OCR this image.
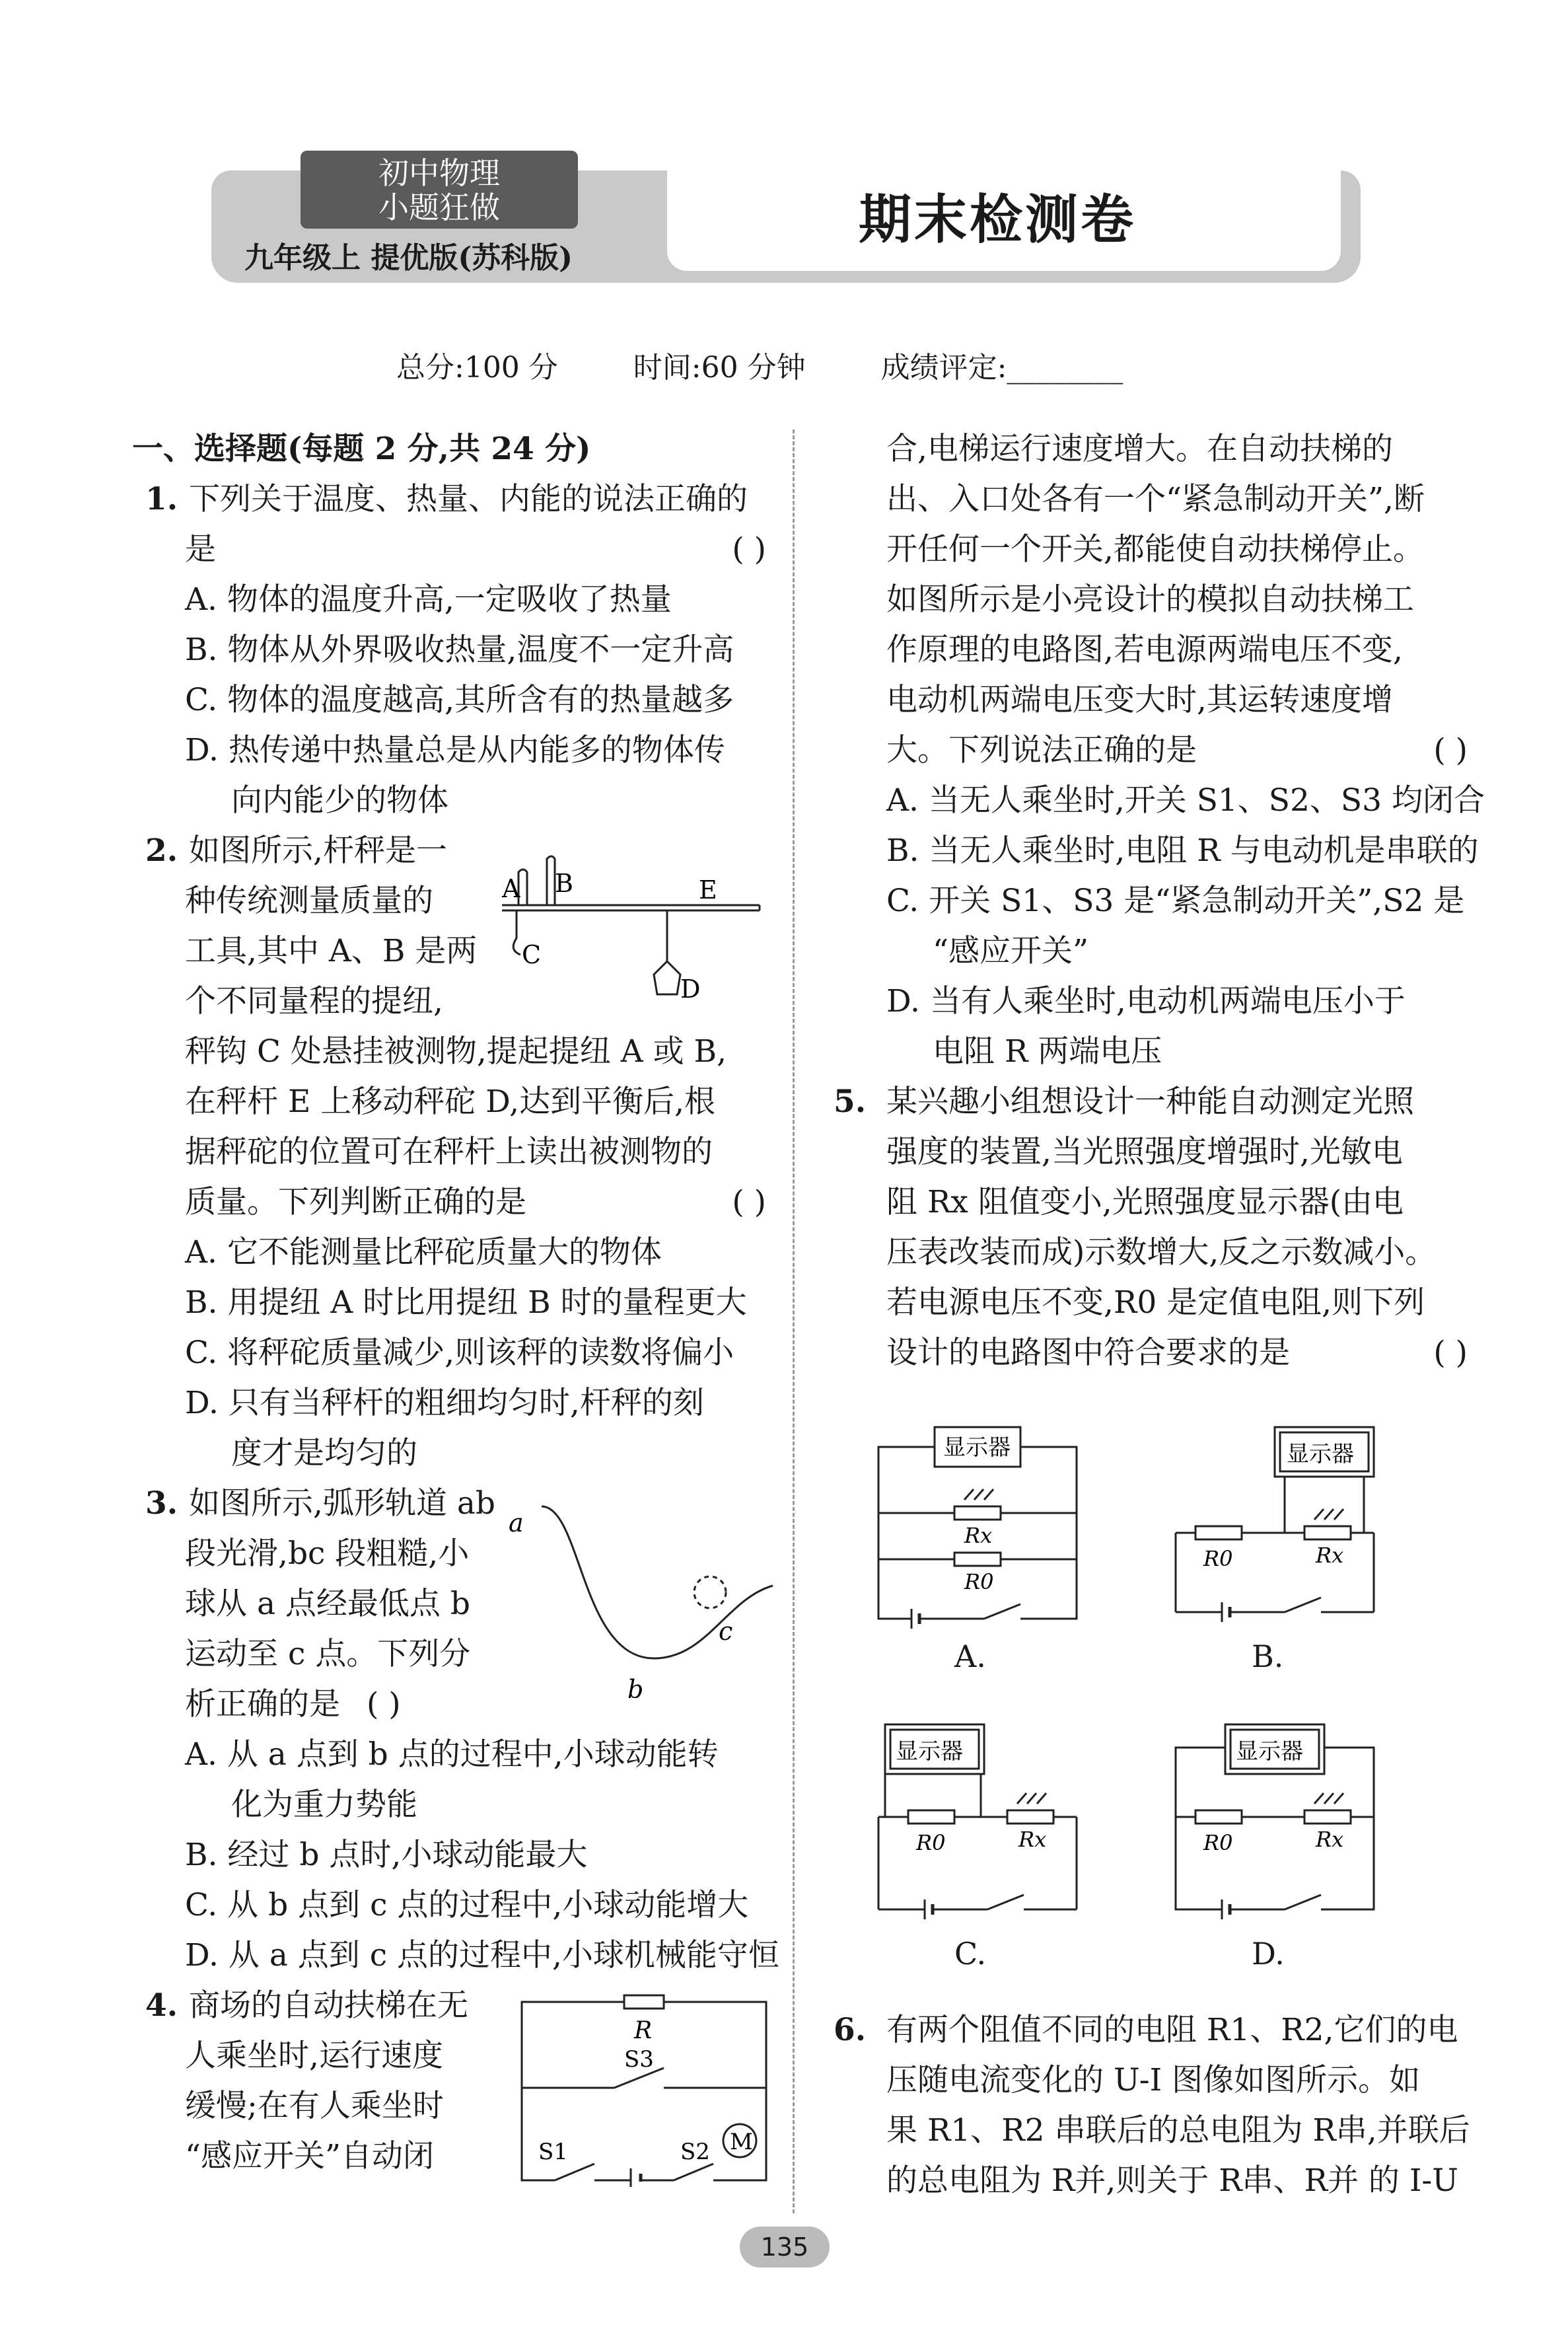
初中物理
小题狂做
九年级上 提优版(苏科版)
期末检测卷
总分:100 分	时间:60 分钟	成绩评定:________

一、选择题(每题 2 分,共 24 分)

1. 下列关于温度、热量、内能的说法正确的

是	( )

A. 物体的温度升高,一定吸收了热量

B. 物体从外界吸收热量,温度不一定升高

C. 物体的温度越高,其所含有的热量越多

D. 热传递中热量总是从内能多的物体传

向内能少的物体

2. 如图所示,杆秤是一

种传统测量质量的

工具,其中 A、B 是两

个不同量程的提纽,

秤钩 C 处悬挂被测物,提起提纽 A 或 B,

在秤杆 E 上移动秤砣 D,达到平衡后,根

据秤砣的位置可在秤杆上读出被测物的

质量。下列判断正确的是	( )

A. 它不能测量比秤砣质量大的物体

B. 用提纽 A 时比用提纽 B 时的量程更大

C. 将秤砣质量减少,则该秤的读数将偏小

D. 只有当秤杆的粗细均匀时,杆秤的刻

度才是均匀的

3. 如图所示,弧形轨道 ab

段光滑,bc 段粗糙,小

球从 a 点经最低点 b

运动至 c 点。下列分

析正确的是 ( )

A. 从 a 点到 b 点的过程中,小球动能转

化为重力势能

B. 经过 b 点时,小球动能最大

C. 从 b 点到 c 点的过程中,小球动能增大

D. 从 a 点到 c 点的过程中,小球机械能守恒

4. 商场的自动扶梯在无

人乘坐时,运行速度

缓慢;在有人乘坐时

“感应开关”自动闭

A B
C
D
E
a
b
c
R
S3
M
S1	S2

合,电梯运行速度增大。在自动扶梯的

出、入口处各有一个“紧急制动开关”,断

开任何一个开关,都能使自动扶梯停止。

如图所示是小亮设计的模拟自动扶梯工

作原理的电路图,若电源两端电压不变,

电动机两端电压变大时,其运转速度增

大。下列说法正确的是	( )

A. 当无人乘坐时,开关 S1、S2、S3 均闭合

B. 当无人乘坐时,电阻 R 与电动机是串联的

C. 开关 S1、S3 是“紧急制动开关”,S2 是

“感应开关”

D. 当有人乘坐时,电动机两端电压小于

电阻 R 两端电压

5. 某兴趣小组想设计一种能自动测定光照

强度的装置,当光照强度增强时,光敏电

阻 Rx 阻值变小,光照强度显示器(由电

压表改装而成)示数增大,反之示数减小。

若电源电压不变,R0 是定值电阻,则下列

设计的电路图中符合要求的是	( )

显示器
Rx
R0
A.
显示器
R0	Rx
B.
显示器
R0	Rx
C.
显示器
R0	Rx
D.

6. 有两个阻值不同的电阻 R1、R2,它们的电

压随电流变化的 U-I 图像如图所示。如

果 R1、R2 串联后的总电阻为 R串,并联后

的总电阻为 R并,则关于 R串、R并 的 I-U

135
